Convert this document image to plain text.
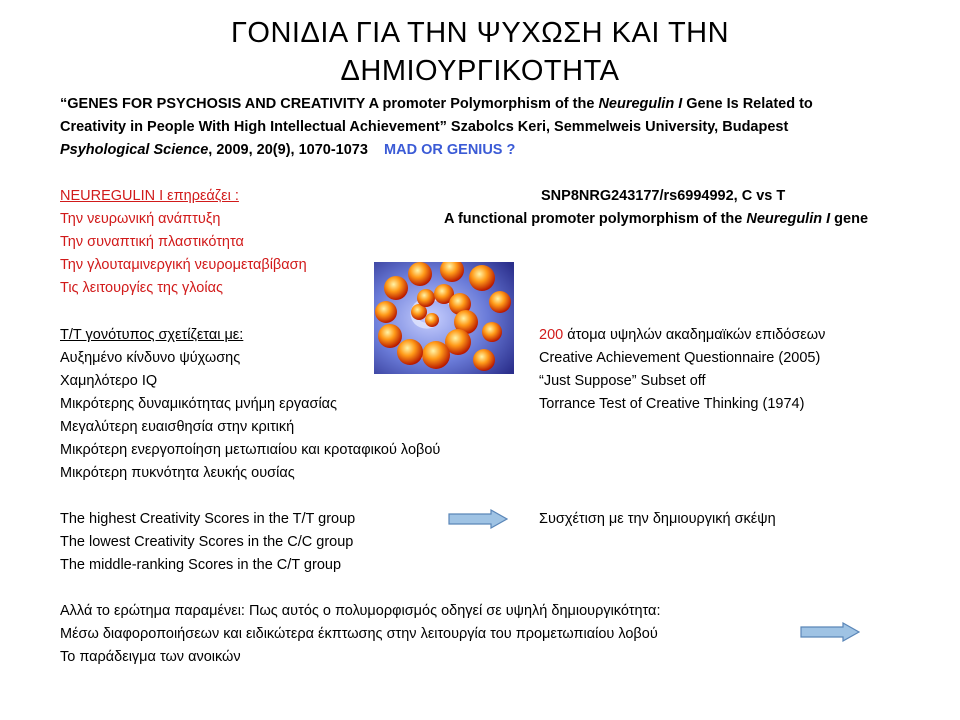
ΓΟΝΙΔΙΑ ΓΙΑ ΤΗΝ ΨΥΧΩΣΗ ΚΑΙ ΤΗΝ
ΔΗΜΙΟΥΡΓΙΚΟΤΗΤΑ
“GENES FOR PSYCHOSIS AND CREATIVITY A promoter Polymorphism of the Neuregulin I Gene Is Related to
Creativity in People With High Intellectual Achievement” Szabolcs Keri, Semmelweis University, Budapest
Psyhological Science, 2009, 20(9), 1070-1073 MAD OR GENIUS ?
NEUREGULIN I επηρεάζει :
Την νευρωνική ανάπτυξη
Την συναπτική πλαστικότητα
Την γλουταμινεργική νευρομεταβίβαση
Τις λειτουργίες της γλοίας
SNP8NRG243177/rs6994992, C vs T
A functional promoter polymorphism of the Neuregulin I gene
T/T γονότυπος σχετίζεται με:
Αυξημένο κίνδυνο ψύχωσης
Χαμηλότερο IQ
Μικρότερης δυναμικότητας μνήμη εργασίας
Μεγαλύτερη ευαισθησία στην κριτική
Μικρότερη ενεργοποίηση μετωπιαίου και κροταφικού λοβού
Μικρότερη πυκνότητα λευκής ουσίας
200 άτομα υψηλών ακαδημαϊκών επιδόσεων
Creative Achievement Questionnaire (2005)
“Just Suppose” Subset off
Torrance Test of Creative Thinking (1974)
The highest Creativity Scores in the T/T group
The lowest Creativity Scores in the C/C group
The middle-ranking Scores in the C/T group
Συσχέτιση με την δημιουργική σκέψη
Αλλά το ερώτημα παραμένει: Πως αυτός ο πολυμορφισμός οδηγεί σε υψηλή δημιουργικότητα:
Μέσω διαφοροποιήσεων και ειδικώτερα έκπτωσης στην λειτουργία του προμετωπιαίου λοβού
Το παράδειγμα των ανοικών
